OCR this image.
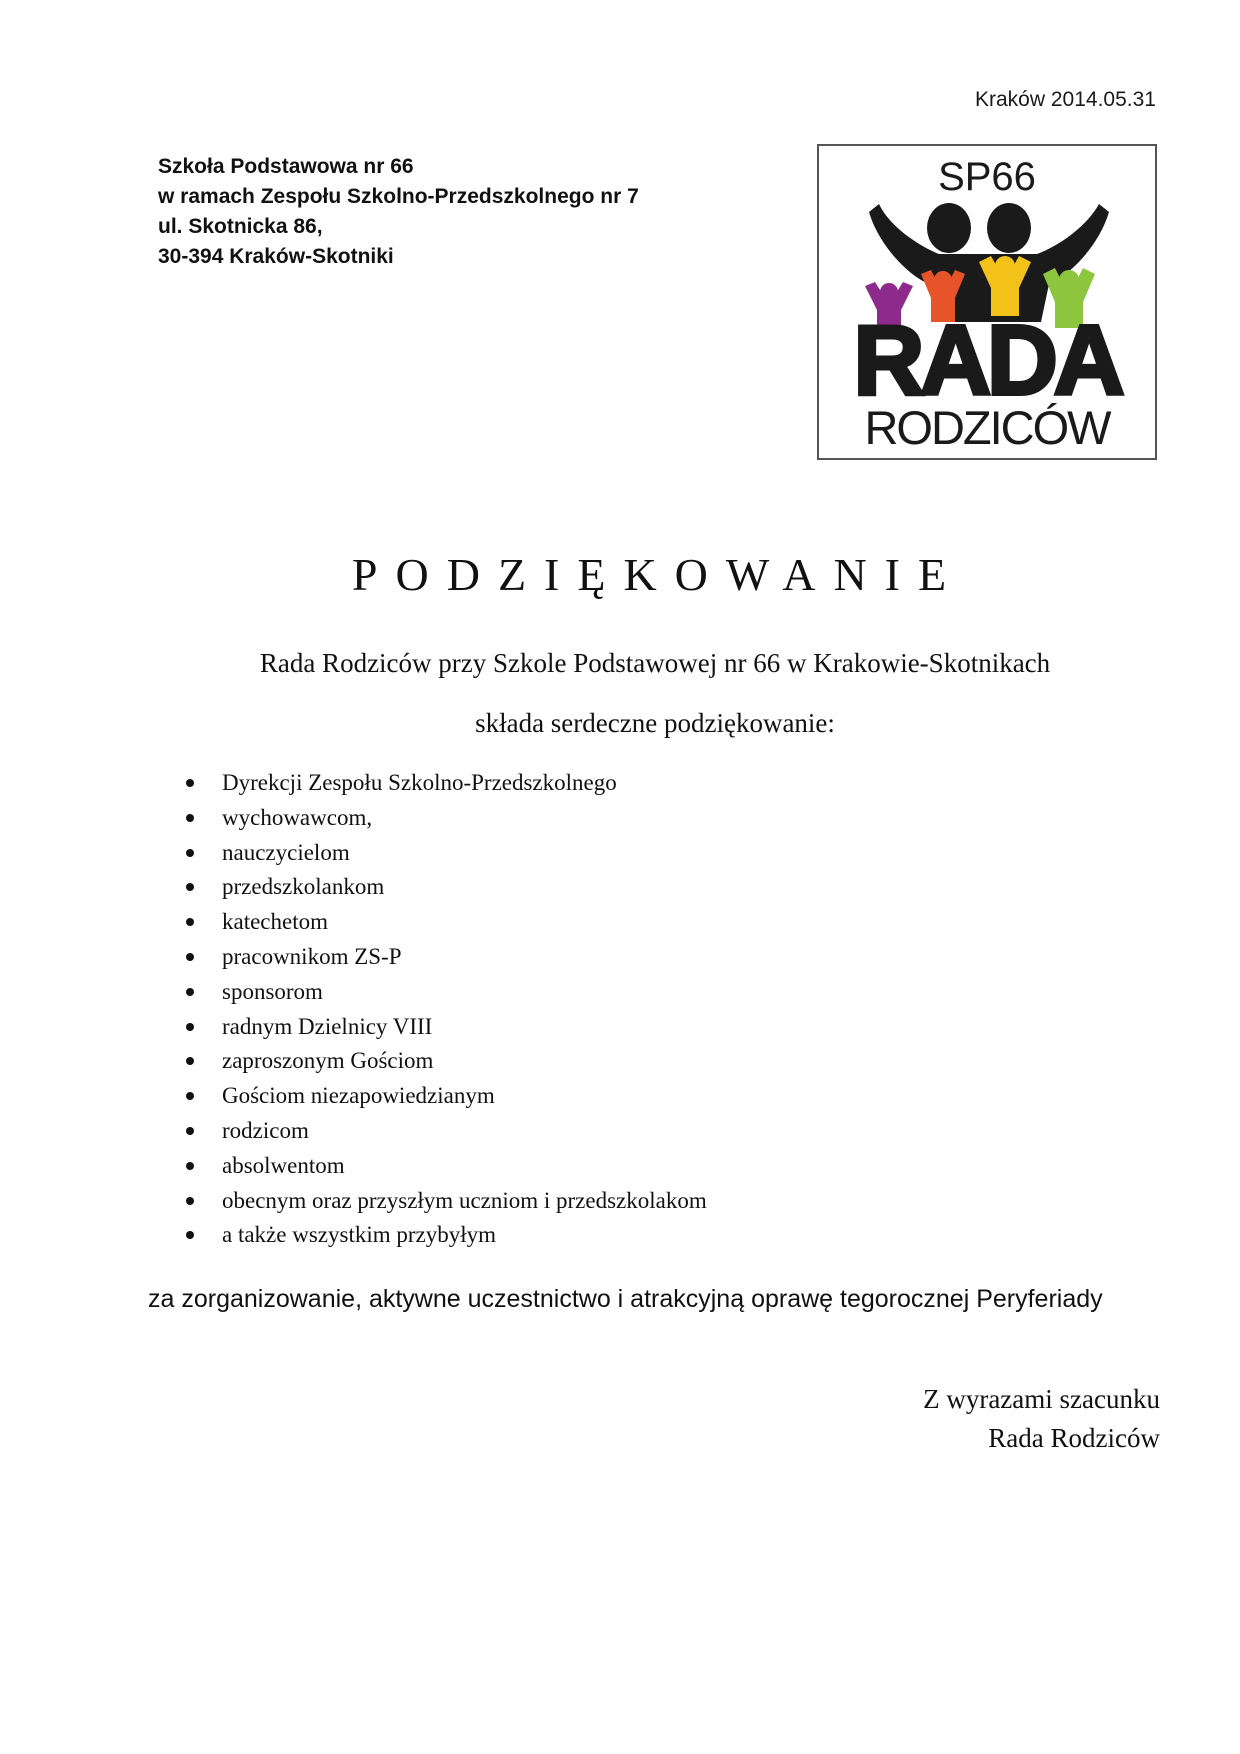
Kraków 2014.05.31
Szkoła Podstawowa nr 66
w ramach Zespołu Szkolno-Przedszkolnego nr 7
ul. Skotnicka 86,
30-394 Kraków-Skotniki
SP66
RADA
RODZICÓW
PODZIĘKOWANIE
Rada Rodziców przy Szkole Podstawowej nr 66 w Krakowie-Skotnikach
składa serdeczne podziękowanie:
Dyrekcji Zespołu Szkolno-Przedszkolnego
wychowawcom,
nauczycielom
przedszkolankom
katechetom
pracownikom ZS-P
sponsorom
radnym Dzielnicy VIII
zaproszonym Gościom
Gościom niezapowiedzianym
rodzicom
absolwentom
obecnym oraz przyszłym uczniom i przedszkolakom
a także wszystkim przybyłym
za zorganizowanie, aktywne uczestnictwo i atrakcyjną oprawę tegorocznej Peryferiady
Z wyrazami szacunku
Rada Rodziców
